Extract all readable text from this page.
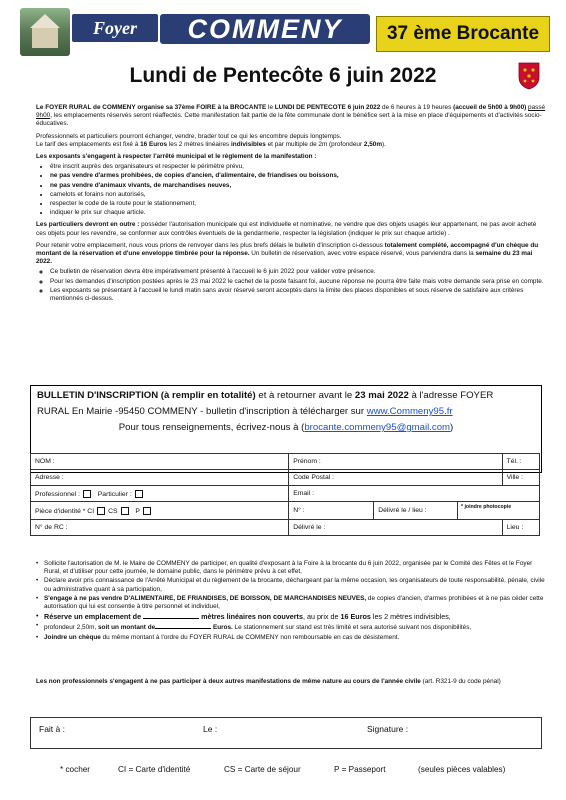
Foyer Rural
COMMENY	37 ème Brocante
Lundi de Pentecôte 6 juin 2022

Le FOYER RURAL de COMMENY organise sa 37ème FOIRE à la BROCANTE le LUNDI DE PENTECOTE 6 juin 2022 de 6 heures à 19 heures (accueil de 5h00 à 9h00) passé 9h00, les emplacements réservés seront réaffectés. Cette manifestation fait partie de la fête communale dont le bénéfice sert à la mise en place d'équipements et d'activités socio-éducatives.

Professionnels et particuliers pourront échanger, vendre, brader tout ce qui les encombre depuis longtemps.

Le tarif des emplacements est fixé à 16 Euros les 2 mètres linéaires indivisibles et par multiple de 2m (profondeur 2,50m).

Les exposants s'engagent à respecter l'arrêté municipal et le règlement de la manifestation :

• être inscrit auprès des organisateurs et respecter le périmètre prévu,
• ne pas vendre d'armes prohibées, de copies d'ancien, d'alimentaire, de friandises ou boissons,
• ne pas vendre d'animaux vivants, de marchandises neuves,
• camelots et forains non autorisés,
• respecter le code de la route pour le stationnement,
• indiquer le prix sur chaque article.

Les particuliers devront en outre : posséder l'autorisation municipale qui est individuelle et nominative, ne vendre que des objets usagés leur appartenant, ne pas avoir acheté ces objets pour les revendre, se conformer aux contrôles éventuels de la gendarmerie, respecter la législation (indiquer le prix sur chaque article) .

Pour retenir votre emplacement, nous vous prions de renvoyer dans les plus brefs délais le bulletin d'inscription ci-dessous totalement complété, accompagné d'un chèque du montant de la réservation et d'une enveloppe timbrée pour la réponse. Un bulletin de réservation, avec votre espace réservé, vous parviendra dans la semaine du 23 mai 2022.

◦ Ce bulletin de réservation devra être impérativement présenté à l'accueil le 6 juin 2022 pour valider votre présence.
◦ Pour les demandes d'inscription postées après le 23 mai 2022 le cachet de la poste faisant foi, aucune réponse ne pourra être faite mais votre demande sera prise en compte.
◦ Les exposants se présentant à l'accueil le lundi matin sans avoir réservé seront acceptés dans la limite des places disponibles et sous réserve de satisfaire aux critères mentionnés ci-dessus.
BULLETIN D'INSCRIPTION (à remplir en totalité) et à retourner avant le 23 mai 2022 à l'adresse FOYER
RURAL En Mairie -95450 COMMENY - bulletin d'inscription à télécharger sur www.Commeny95.fr
Pour tous renseignements, écrivez-nous à (brocante.commeny95@gmail.com)
NOM :	Prénom :		Tél. :
Adresse :	Code Postal :		Ville :
Professionnel : Particulier :	Email :		
Pièce d'identité * CI CS P	N° :	Délivré le / lieu : * joindre photocopie	

N° de RC :	Délivré le :		Lieu :
• Sollicite l'autorisation de M. le Maire de COMMENY de participer, en qualité d'exposant à la Foire à la brocante du 6 juin 2022, organisée par le Comité des Fêtes et le Foyer Rural, et d'utiliser pour cette journée, le domaine public, dans le périmètre prévu à cet effet,
• Déclare avoir pris connaissance de l'Arrêté Municipal et du règlement de la brocante, déchargeant par la même occasion, les organisateurs de toute responsabilité, pénale, civile ou administrative quant à sa participation,
• S'engage à ne pas vendre D'ALIMENTAIRE, DE FRIANDISES, DE BOISSON, DE MARCHANDISES NEUVES, de copies d'ancien, d'armes prohibées et à ne pas céder cette autorisation qui lui est consentie à titre personnel et individuel,
• Réserve un emplacement de	mètres linéaires non couverts, au prix de 16 Euros les 2 mètres indivisibles,
• profondeur 2,50m, soit un montant de	Euros. Le stationnement sur stand est très limité et sera autorisé suivant nos disponibilités,
• Joindre un chèque du même montant à l'ordre du FOYER RURAL de COMMENY non remboursable en cas de désistement.
Les non professionnels s'engagent à ne pas participer à deux autres manifestations de même nature au cours de l'année civile (art. R321-9 du code pénal)
Fait à :	Le :	Signature :
* cocher	CI = Carte d'identité	CS = Carte de séjour	P = Passeport	(seules pièces valables)
